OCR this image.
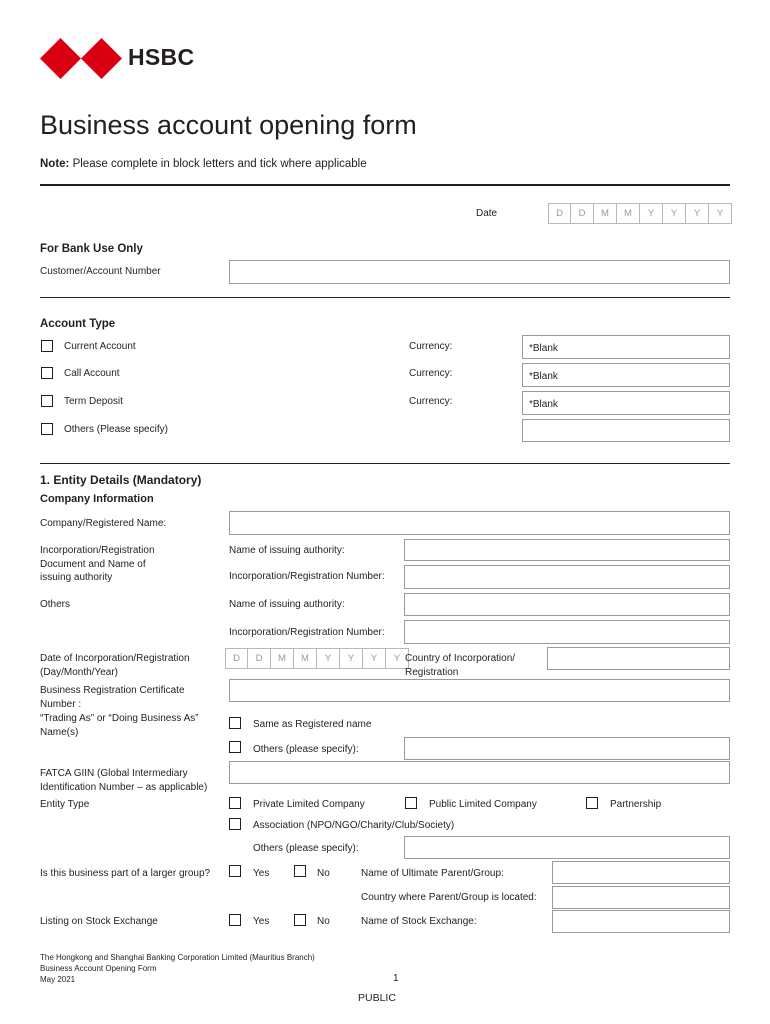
HSBC
Business account opening form
Note: Please complete in block letters and tick where applicable
Date	D	D	M	M	Y	Y	Y	Y
For Bank Use Only
Customer/Account Number
Account Type
Current Account	Currency:	*Blank
Call Account	Currency:	*Blank
Term Deposit	Currency:	*Blank
Others (Please specify)
1. Entity Details (Mandatory)
Company Information
Company/Registered Name:
Incorporation/Registration Document and Name of issuing authority
Name of issuing authority:
Incorporation/Registration Number:
Others	Name of issuing authority:
Incorporation/Registration Number:
Date of Incorporation/Registration (Day/Month/Year)
D	D	M	M	Y	Y	Y	Y Country of Incorporation/ Registration
Business Registration Certificate Number :
“Trading As” or “Doing Business As” Name(s)
Same as Registered name
Others (please specify):
FATCA GIIN (Global Intermediary Identification Number – as applicable)
Entity Type	Private Limited Company	Public Limited Company	Partnership
Association (NPO/NGO/Charity/Club/Society)
Others (please specify):
Is this business part of a larger group?	Yes	No	Name of Ultimate Parent/Group:
Country where Parent/Group is located:
Listing on Stock Exchange	Yes	No	Name of Stock Exchange:
The Hongkong and Shanghai Banking Corporation Limited (Mauritius Branch)
Business Account Opening Form
May 2021	1
PUBLIC
